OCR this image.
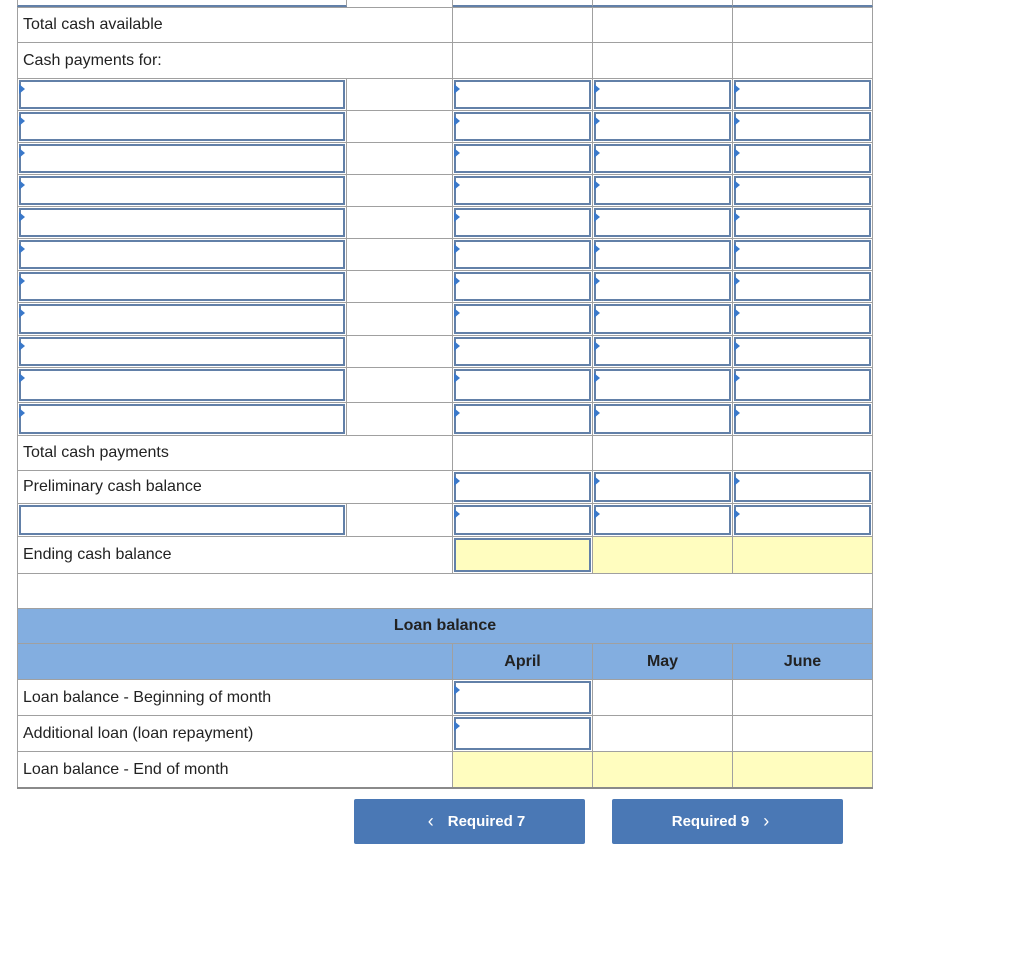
Total cash available
Cash payments for:
Total cash payments
Preliminary cash balance
Ending cash balance
Loan balance
April	May	June
Loan balance - Beginning of month
Additional loan (loan repayment)
Loan balance - End of month
‹ Required 7	Required 9 ›
